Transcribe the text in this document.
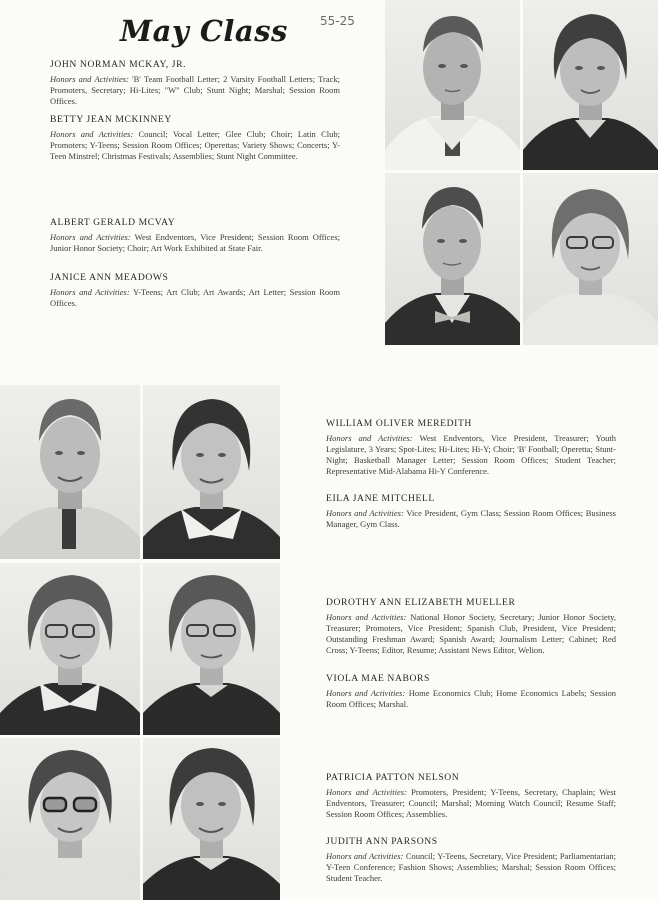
May Class	55-25
JOHN NORMAN MCKAY, JR.
Honors and Activities: 'B' Team Football Letter; 2 Varsity Football Letters; Track; Promoters, Secretary; Hi-Lites; "W" Club; Stunt Night; Marshal; Session Room Offices.
BETTY JEAN MCKINNEY
Honors and Activities: Council; Vocal Letter; Glee Club; Choir; Latin Club; Promoters; Y-Teens; Session Room Offices; Operettas; Variety Shows; Concerts; Y-Teen Minstrel; Christmas Festivals; Assemblies; Stunt Night Committee.
ALBERT GERALD MCVAY
Honors and Activities: West Endventors, Vice President; Session Room Offices; Junior Honor Society; Choir; Art Work Exhibited at State Fair.
JANICE ANN MEADOWS
Honors and Activities: Y-Teens; Art Club; Art Awards; Art Letter; Session Room Offices.
WILLIAM OLIVER MEREDITH
Honors and Activities: West Endventors, Vice President, Treasurer; Youth Legislature, 3 Years; Spot-Lites; Hi-Lites; Hi-Y; Choir; 'B' Football; Operetta; Stunt-Night; Basketball Manager Letter; Session Room Offices; Student Teacher; Representative Mid-Alabama Hi-Y Conference.
EILA JANE MITCHELL
Honors and Activities: Vice President, Gym Class; Session Room Offices; Business Manager, Gym Class.
DOROTHY ANN ELIZABETH MUELLER
Honors and Activities: National Honor Society, Secretary; Junior Honor Society, Treasurer; Promoters, Vice President; Spanish Club, President, Vice President; Outstanding Freshman Award; Spanish Award; Journalism Letter; Cabinet; Red Cross; Y-Teens; Editor, Resume; Assistant News Editor, Welion.
VIOLA MAE NABORS
Honors and Activities: Home Economics Club; Home Economics Labels; Session Room Offices; Marshal.
PATRICIA PATTON NELSON
Honors and Activities: Promoters, President; Y-Teens, Secretary, Chaplain; West Endventors, Treasurer; Council; Marshal; Morning Watch Council; Resume Staff; Session Room Offices; Assemblies.
JUDITH ANN PARSONS
Honors and Activities: Council; Y-Teens, Secretary, Vice President; Parliamentarian; Y-Teen Conference; Fashion Shows; Assemblies; Marshal; Session Room Offices; Student Teacher.
